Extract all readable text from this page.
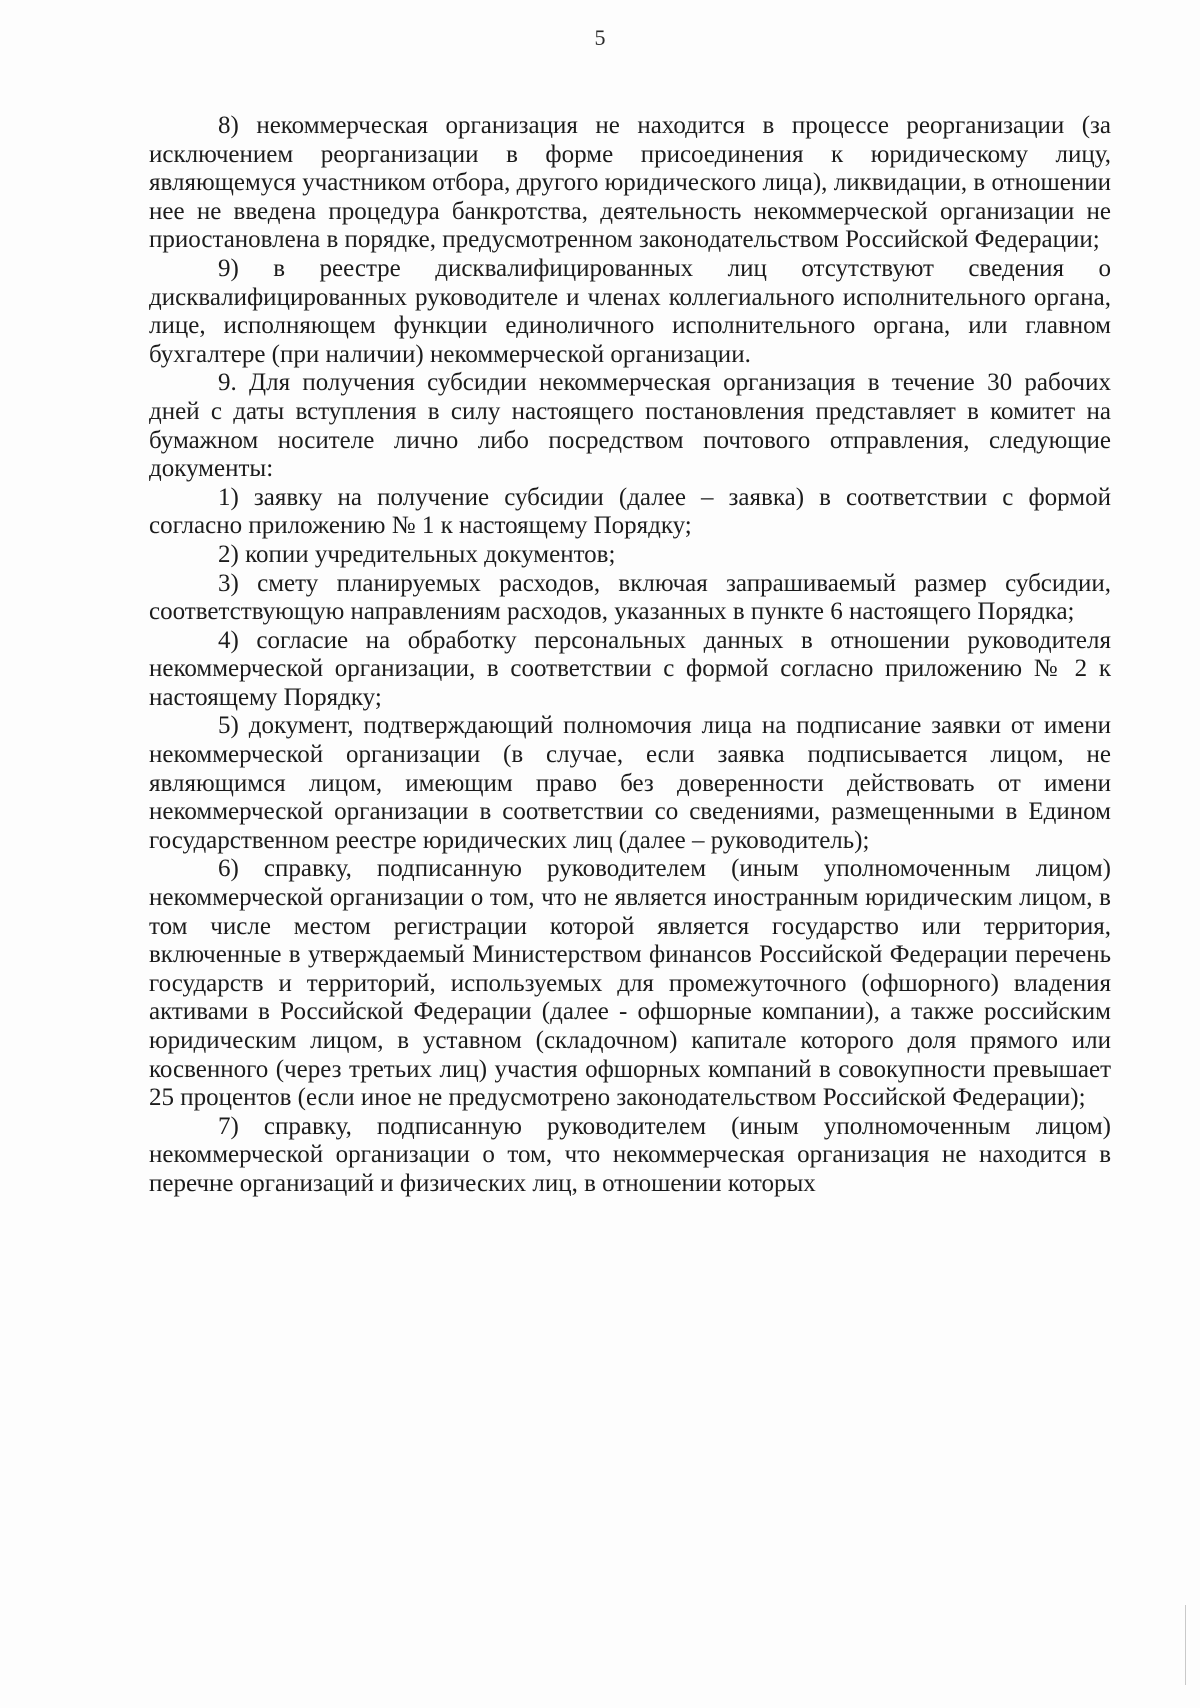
5

8) некоммерческая организация не находится в процессе реорганизации (за исключением реорганизации в форме присоединения к юридическому лицу, являющемуся участником отбора, другого юридического лица), ликвидации, в отношении нее не введена процедура банкротства, деятельность некоммерческой организации не приостановлена в порядке, предусмотренном законодательством Российской Федерации;

9) в реестре дисквалифицированных лиц отсутствуют сведения о дисквалифицированных руководителе и членах коллегиального исполнительного органа, лице, исполняющем функции единоличного исполнительного органа, или главном бухгалтере (при наличии) некоммерческой организации.

9. Для получения субсидии некоммерческая организация в течение 30 рабочих дней с даты вступления в силу настоящего постановления представляет в комитет на бумажном носителе лично либо посредством почтового отправления, следующие документы:

1) заявку на получение субсидии (далее – заявка) в соответствии с формой согласно приложению № 1 к настоящему Порядку;

2) копии учредительных документов;

3) смету планируемых расходов, включая запрашиваемый размер субсидии, соответствующую направлениям расходов, указанных в пункте 6 настоящего Порядка;

4) согласие на обработку персональных данных в отношении руководителя некоммерческой организации, в соответствии с формой согласно приложению № 2 к настоящему Порядку;

5) документ, подтверждающий полномочия лица на подписание заявки от имени некоммерческой организации (в случае, если заявка подписывается лицом, не являющимся лицом, имеющим право без доверенности действовать от имени некоммерческой организации в соответствии со сведениями, размещенными в Едином государственном реестре юридических лиц (далее – руководитель);

6) справку, подписанную руководителем (иным уполномоченным лицом) некоммерческой организации о том, что не является иностранным юридическим лицом, в том числе местом регистрации которой является государство или территория, включенные в утверждаемый Министерством финансов Российской Федерации перечень государств и территорий, используемых для промежуточного (офшорного) владения активами в Российской Федерации (далее - офшорные компании), а также российским юридическим лицом, в уставном (складочном) капитале которого доля прямого или косвенного (через третьих лиц) участия офшорных компаний в совокупности превышает 25 процентов (если иное не предусмотрено законодательством Российской Федерации);

7) справку, подписанную руководителем (иным уполномоченным лицом) некоммерческой организации о том, что некоммерческая организация не находится в перечне организаций и физических лиц, в отношении которых
